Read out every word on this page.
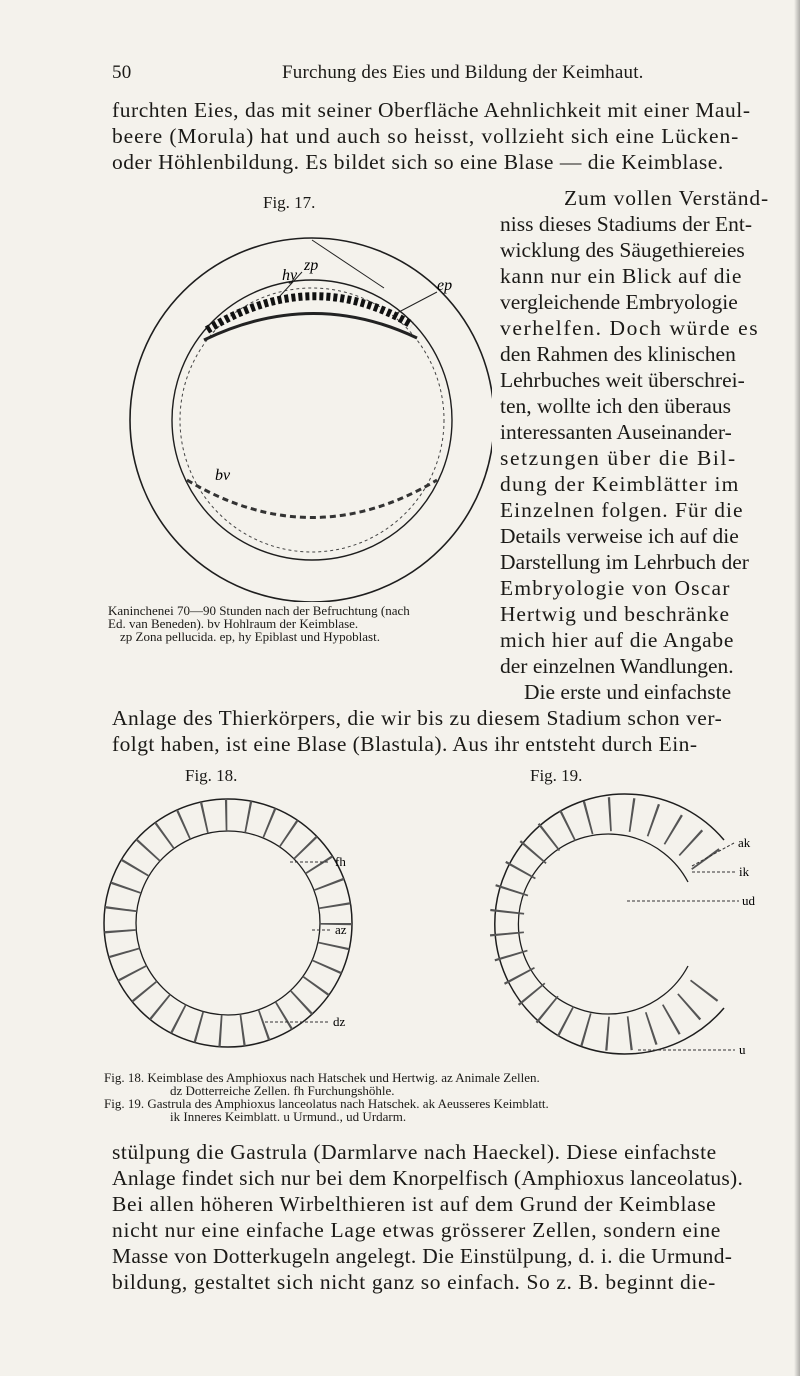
50	Furchung des Eies und Bildung der Keimhaut.
furchten Eies, das mit seiner Oberfläche Aehnlichkeit mit einer Maul-
beere (Morula) hat und auch so heisst, vollzieht sich eine Lücken-
oder Höhlenbildung. Es bildet sich so eine Blase — die Keimblase.
Fig. 17.
zp
hy
ep
bv
Kaninchenei 70—90 Stunden nach der Befruchtung (nach
Ed. van Beneden). bv Hohlraum der Keimblase.
zp Zona pellucida. ep, hy Epiblast und Hypoblast.
Zum vollen Verständ-
niss dieses Stadiums der Ent-
wicklung des Säugethiereies
kann nur ein Blick auf die
vergleichende Embryologie
verhelfen. Doch würde es
den Rahmen des klinischen
Lehrbuches weit überschrei-
ten, wollte ich den überaus
interessanten Auseinander-
setzungen über die Bil-
dung der Keimblätter im
Einzelnen folgen. Für die
Details verweise ich auf die
Darstellung im Lehrbuch der
Embryologie von Oscar
Hertwig und beschränke
mich hier auf die Angabe
der einzelnen Wandlungen.
Die erste und einfachste
Anlage des Thierkörpers, die wir bis zu diesem Stadium schon ver-
folgt haben, ist eine Blase (Blastula). Aus ihr entsteht durch Ein-
Fig. 18.	Fig. 19.
fh
az
dz
ak
ik
ud
u
Fig. 18. Keimblase des Amphioxus nach Hatschek und Hertwig. az Animale Zellen.
dz Dotterreiche Zellen. fh Furchungshöhle.
Fig. 19. Gastrula des Amphioxus lanceolatus nach Hatschek. ak Aeusseres Keimblatt.
ik Inneres Keimblatt. u Urmund., ud Urdarm.
stülpung die Gastrula (Darmlarve nach Haeckel). Diese einfachste
Anlage findet sich nur bei dem Knorpelfisch (Amphioxus lanceolatus).
Bei allen höheren Wirbelthieren ist auf dem Grund der Keimblase
nicht nur eine einfache Lage etwas grösserer Zellen, sondern eine
Masse von Dotterkugeln angelegt. Die Einstülpung, d. i. die Urmund-
bildung, gestaltet sich nicht ganz so einfach. So z. B. beginnt die-
